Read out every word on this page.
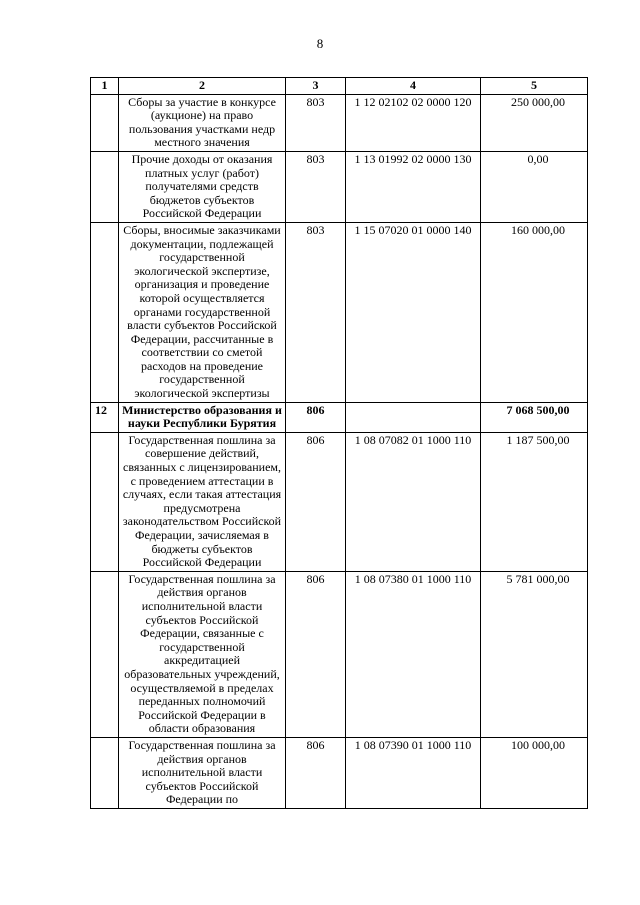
8
1	2	3	4	5
	Сборы за участие в конкурсе (аукционе) на право пользования участками недр местного значения	803	1 12 02102 02 0000 120	250 000,00

	Прочие доходы от оказания платных услуг (работ) получателями средств бюджетов субъектов Российской Федерации	803	1 13 01992 02 0000 130	0,00

	Сборы, вносимые заказчиками документации, подлежащей государственной экологической экспертизе, организация и проведение которой осуществляется органами государственной власти субъектов Российской Федерации, рассчитанные в соответствии со сметой расходов на проведение государственной экологической экспертизы	803	1 15 07020 01 0000 140	160 000,00

12	Министерство образования и науки Республики Бурятия	806		7 068 500,00

	Государственная пошлина за совершение действий, связанных с лицензированием, с проведением аттестации в случаях, если такая аттестация предусмотрена законодательством Российской Федерации, зачисляемая в бюджеты субъектов Российской Федерации	806	1 08 07082 01 1000 110	1 187 500,00

	Государственная пошлина за действия органов исполнительной власти субъектов Российской Федерации, связанные с государственной аккредитацией образовательных учреждений, осуществляемой в пределах переданных полномочий Российской Федерации в области образования	806	1 08 07380 01 1000 110	5 781 000,00

	Государственная пошлина за действия органов исполнительной власти субъектов Российской Федерации по	806	1 08 07390 01 1000 110	100 000,00
